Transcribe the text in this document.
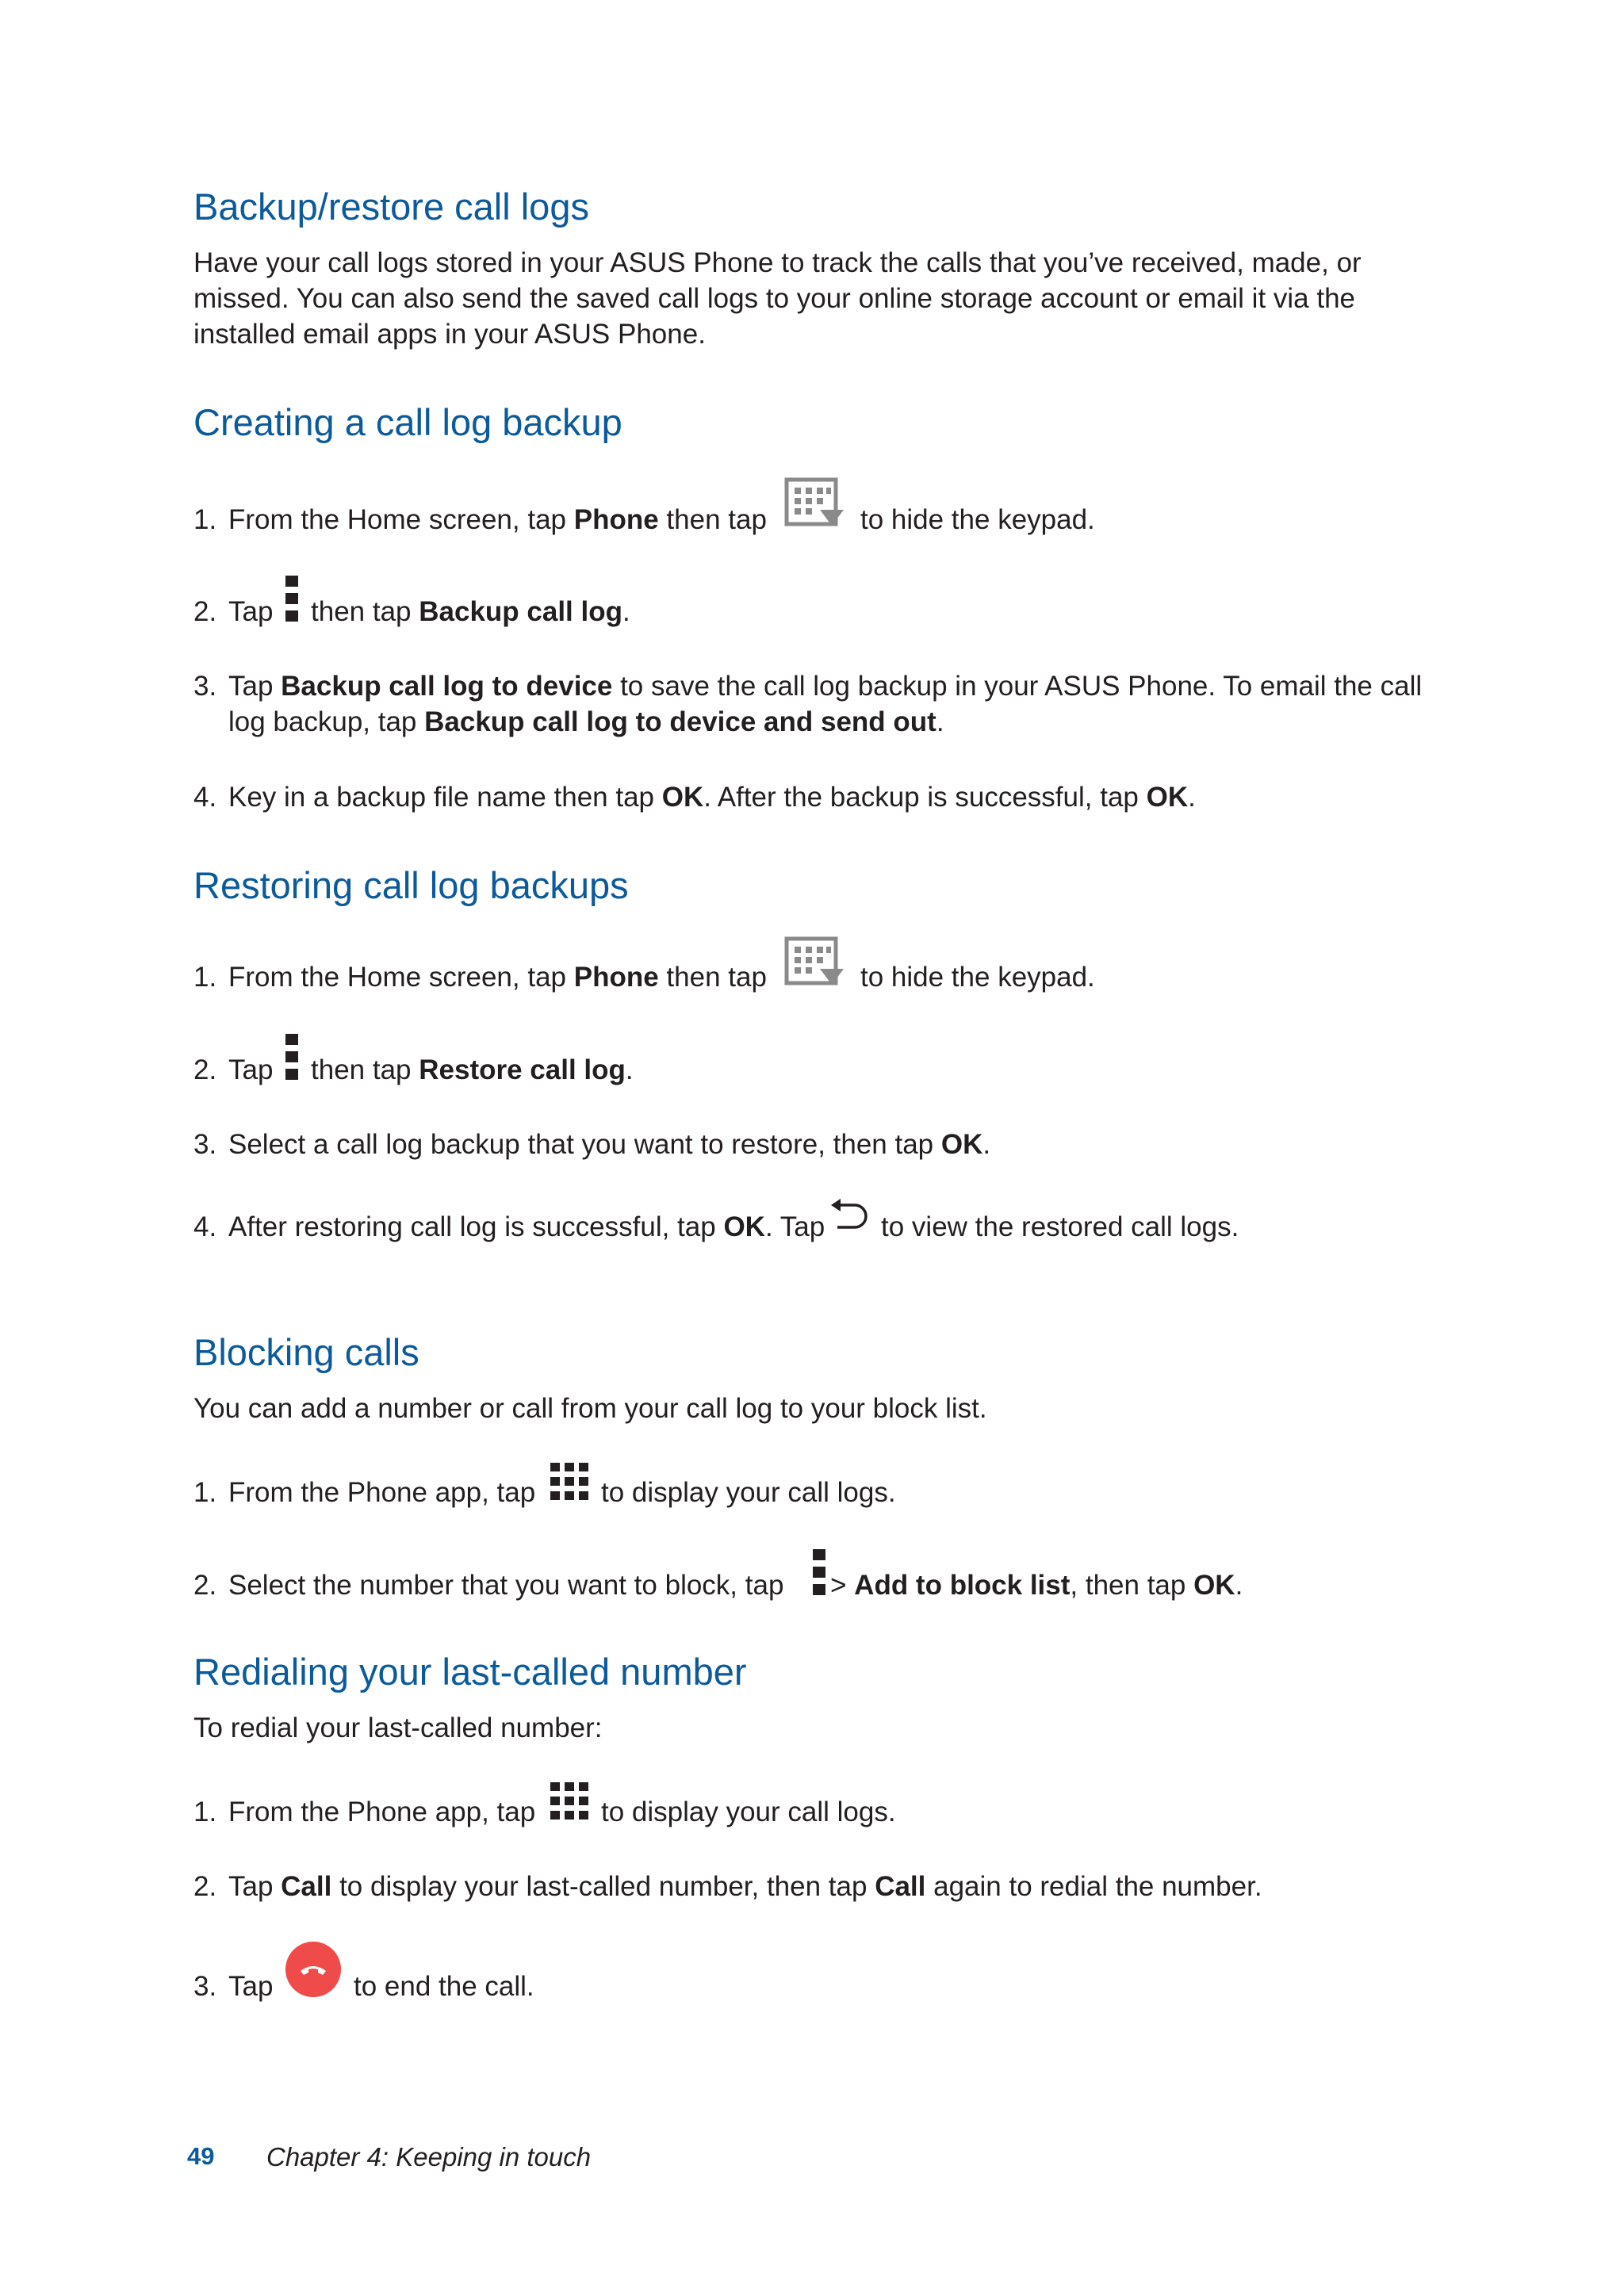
Backup/restore call logs
Have your call logs stored in your ASUS Phone to track the calls that you’ve received, made, or
missed. You can also send the saved call logs to your online storage account or email it via the
installed email apps in your ASUS Phone.
Creating a call log backup
1. From the Home screen, tap Phone then tap	to hide the keypad.
2. Tap then tap Backup call log.
3. Tap Backup call log to device to save the call log backup in your ASUS Phone. To email the call
log backup, tap Backup call log to device and send out.
4. Key in a backup file name then tap OK. After the backup is successful, tap OK.
Restoring call log backups
1. From the Home screen, tap Phone then tap	to hide the keypad.
2. Tap then tap Restore call log.
3. Select a call log backup that you want to restore, then tap OK.
4. After restoring call log is successful, tap OK. Tap to view the restored call logs.
Blocking calls

You can add a number or call from your call log to your block list.

1. From the Phone app, tap to display your call logs.
2. Select the number that you want to block, tap > Add to block list, then tap OK.
Redialing your last-called number

To redial your last-called number:

1. From the Phone app, tap to display your call logs.
2. Tap Call to display your last-called number, then tap Call again to redial the number.
3. Tap	to end the call.
49 Chapter 4: Keeping in touch
